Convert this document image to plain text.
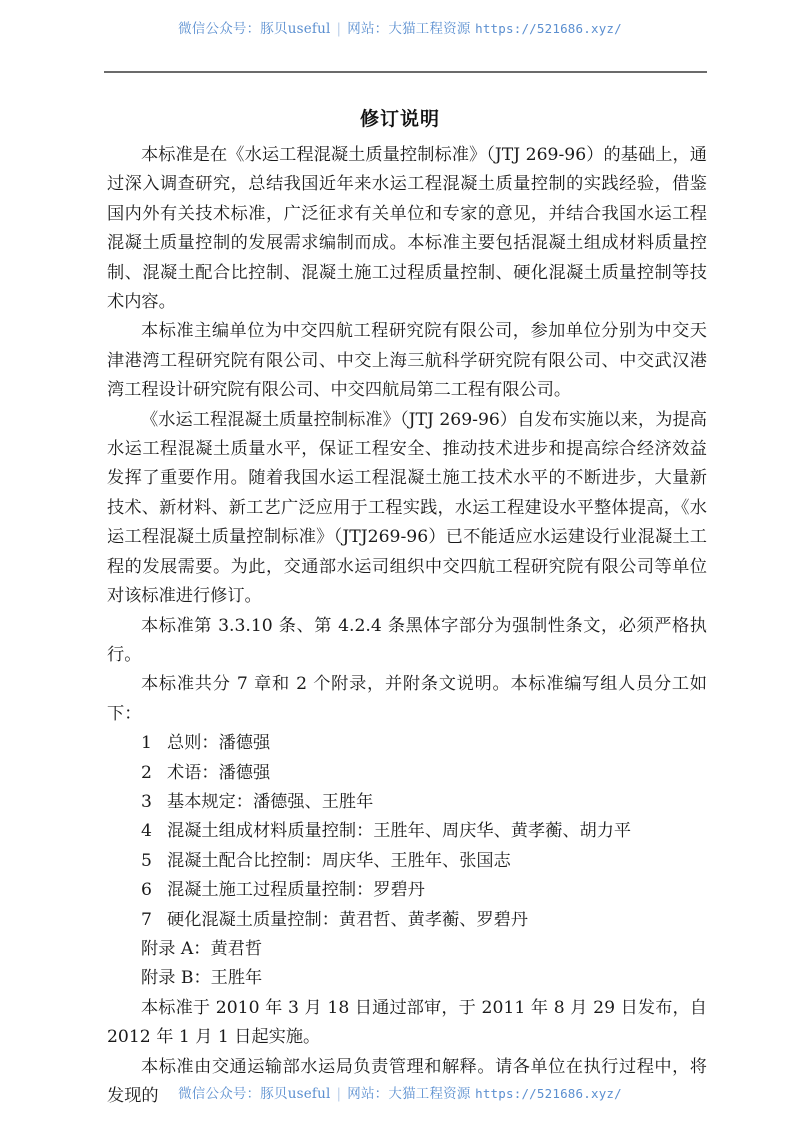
微信公众号：豚贝useful | 网站：大猫工程资源 https://521686.xyz/
修订说明

本标准是在《水运工程混凝土质量控制标准》（JTJ 269-96）的基础上，通过深入调查研究，总结我国近年来水运工程混凝土质量控制的实践经验，借鉴国内外有关技术标准，广泛征求有关单位和专家的意见，并结合我国水运工程混凝土质量控制的发展需求编制而成。本标准主要包括混凝土组成材料质量控制、混凝土配合比控制、混凝土施工过程质量控制、硬化混凝土质量控制等技术内容。

本标准主编单位为中交四航工程研究院有限公司，参加单位分别为中交天津港湾工程研究院有限公司、中交上海三航科学研究院有限公司、中交武汉港湾工程设计研究院有限公司、中交四航局第二工程有限公司。

《水运工程混凝土质量控制标准》（JTJ 269-96）自发布实施以来，为提高水运工程混凝土质量水平，保证工程安全、推动技术进步和提高综合经济效益发挥了重要作用。随着我国水运工程混凝土施工技术水平的不断进步，大量新技术、新材料、新工艺广泛应用于工程实践，水运工程建设水平整体提高，《水运工程混凝土质量控制标准》（JTJ269-96）已不能适应水运建设行业混凝土工程的发展需要。为此，交通部水运司组织中交四航工程研究院有限公司等单位对该标准进行修订。

本标准第 3.3.10 条、第 4.2.4 条黑体字部分为强制性条文，必须严格执行。

本标准共分 7 章和 2 个附录，并附条文说明。本标准编写组人员分工如下：

1 总则：潘德强

2 术语：潘德强

3 基本规定：潘德强、王胜年

4 混凝土组成材料质量控制：王胜年、周庆华、黄孝蘅、胡力平

5 混凝土配合比控制：周庆华、王胜年、张国志

6 混凝土施工过程质量控制：罗碧丹

7 硬化混凝土质量控制：黄君哲、黄孝蘅、罗碧丹

附录 A：黄君哲

附录 B：王胜年

本标准于 2010 年 3 月 18 日通过部审，于 2011 年 8 月 29 日发布，自 2012 年 1 月 1 日起实施。

本标准由交通运输部水运局负责管理和解释。请各单位在执行过程中，将发现的	微信公众号：豚贝useful | 网站：大猫工程资源 https://521686.xyz/
